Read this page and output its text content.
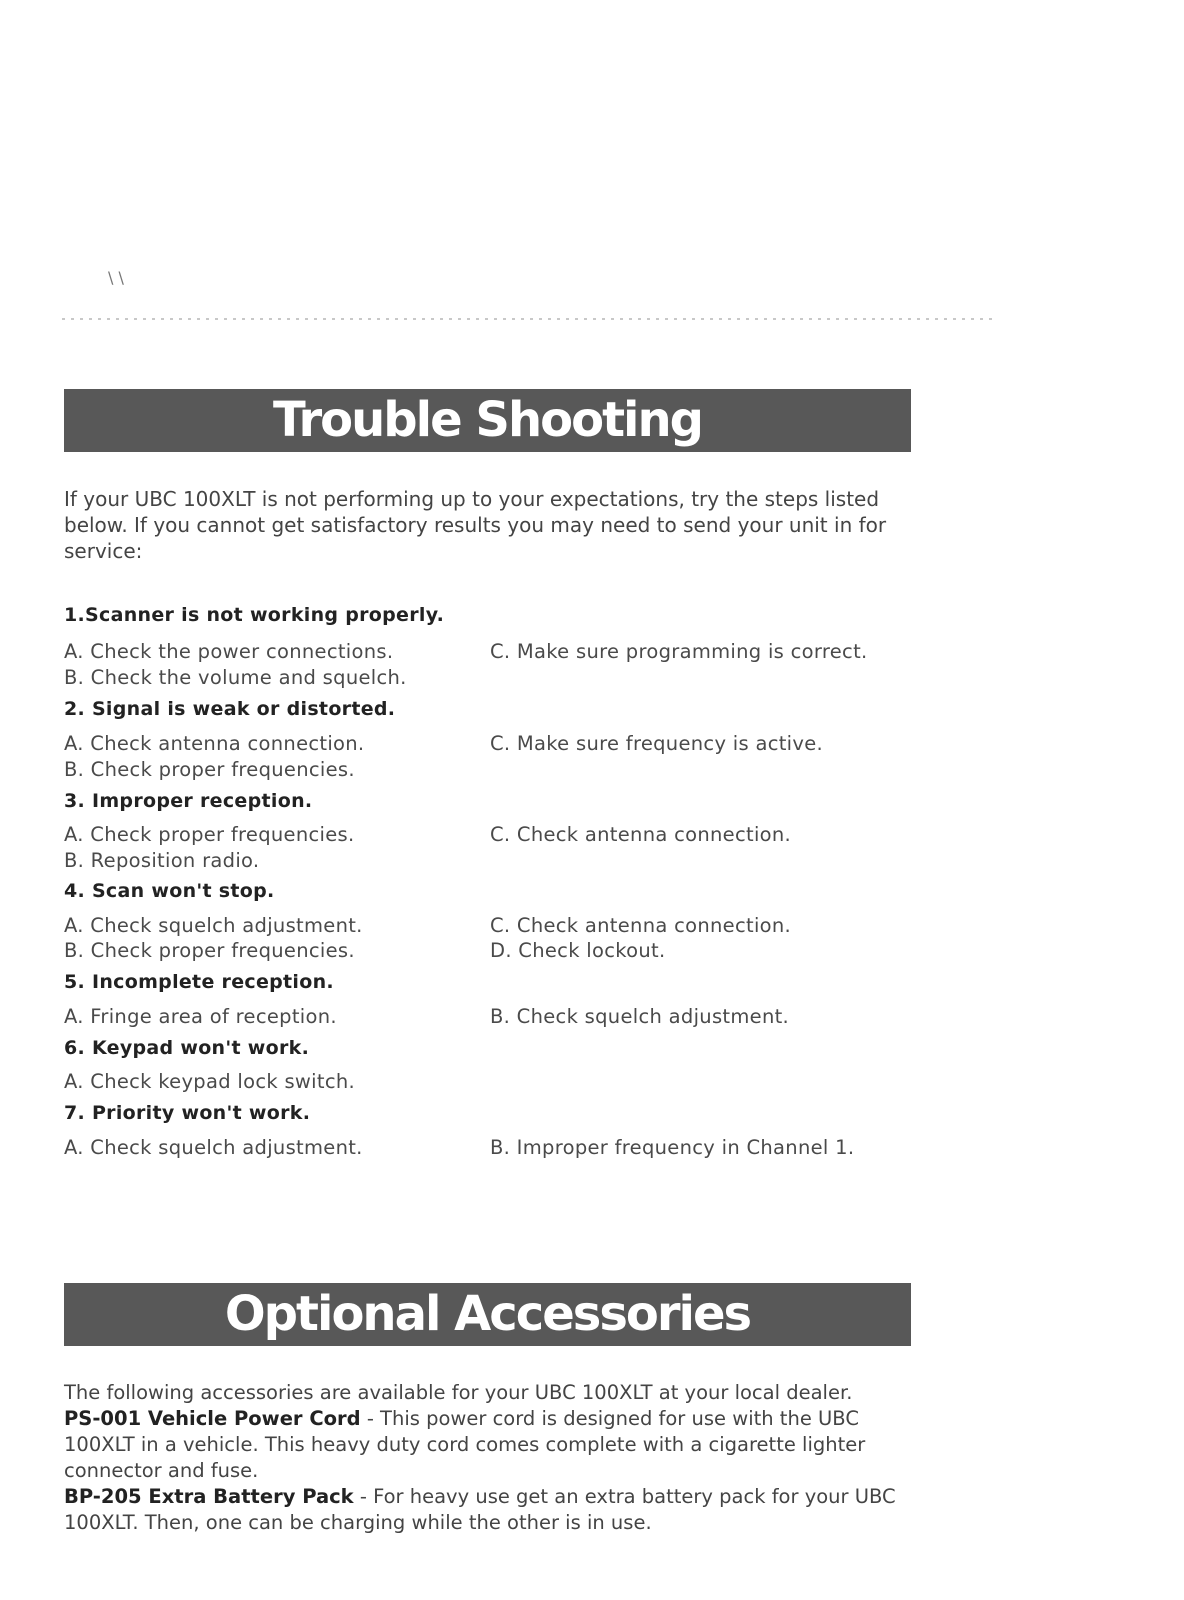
\ \
Trouble Shooting
If your UBC 100XLT is not performing up to your expectations, try the steps listed below. If you cannot get satisfactory results you may need to send your unit in for service:
1.Scanner is not working properly.
A. Check the power connections.	C. Make sure programming is correct.
B. Check the volume and squelch.
2. Signal is weak or distorted.
A. Check antenna connection.	C. Make sure frequency is active.
B. Check proper frequencies.
3. Improper reception.
A. Check proper frequencies.	C. Check antenna connection.
B. Reposition radio.
4. Scan won't stop.
A. Check squelch adjustment.	C. Check antenna connection.
B. Check proper frequencies.	D. Check lockout.
5. Incomplete reception.
A. Fringe area of reception.	B. Check squelch adjustment.
6. Keypad won't work.
A. Check keypad lock switch.
7. Priority won't work.
A. Check squelch adjustment.	B. Improper frequency in Channel 1.
Optional Accessories
The following accessories are available for your UBC 100XLT at your local dealer.
PS-001 Vehicle Power Cord - This power cord is designed for use with the UBC 100XLT in a vehicle. This heavy duty cord comes complete with a cigarette lighter connector and fuse.
BP-205 Extra Battery Pack - For heavy use get an extra battery pack for your UBC 100XLT. Then, one can be charging while the other is in use.
